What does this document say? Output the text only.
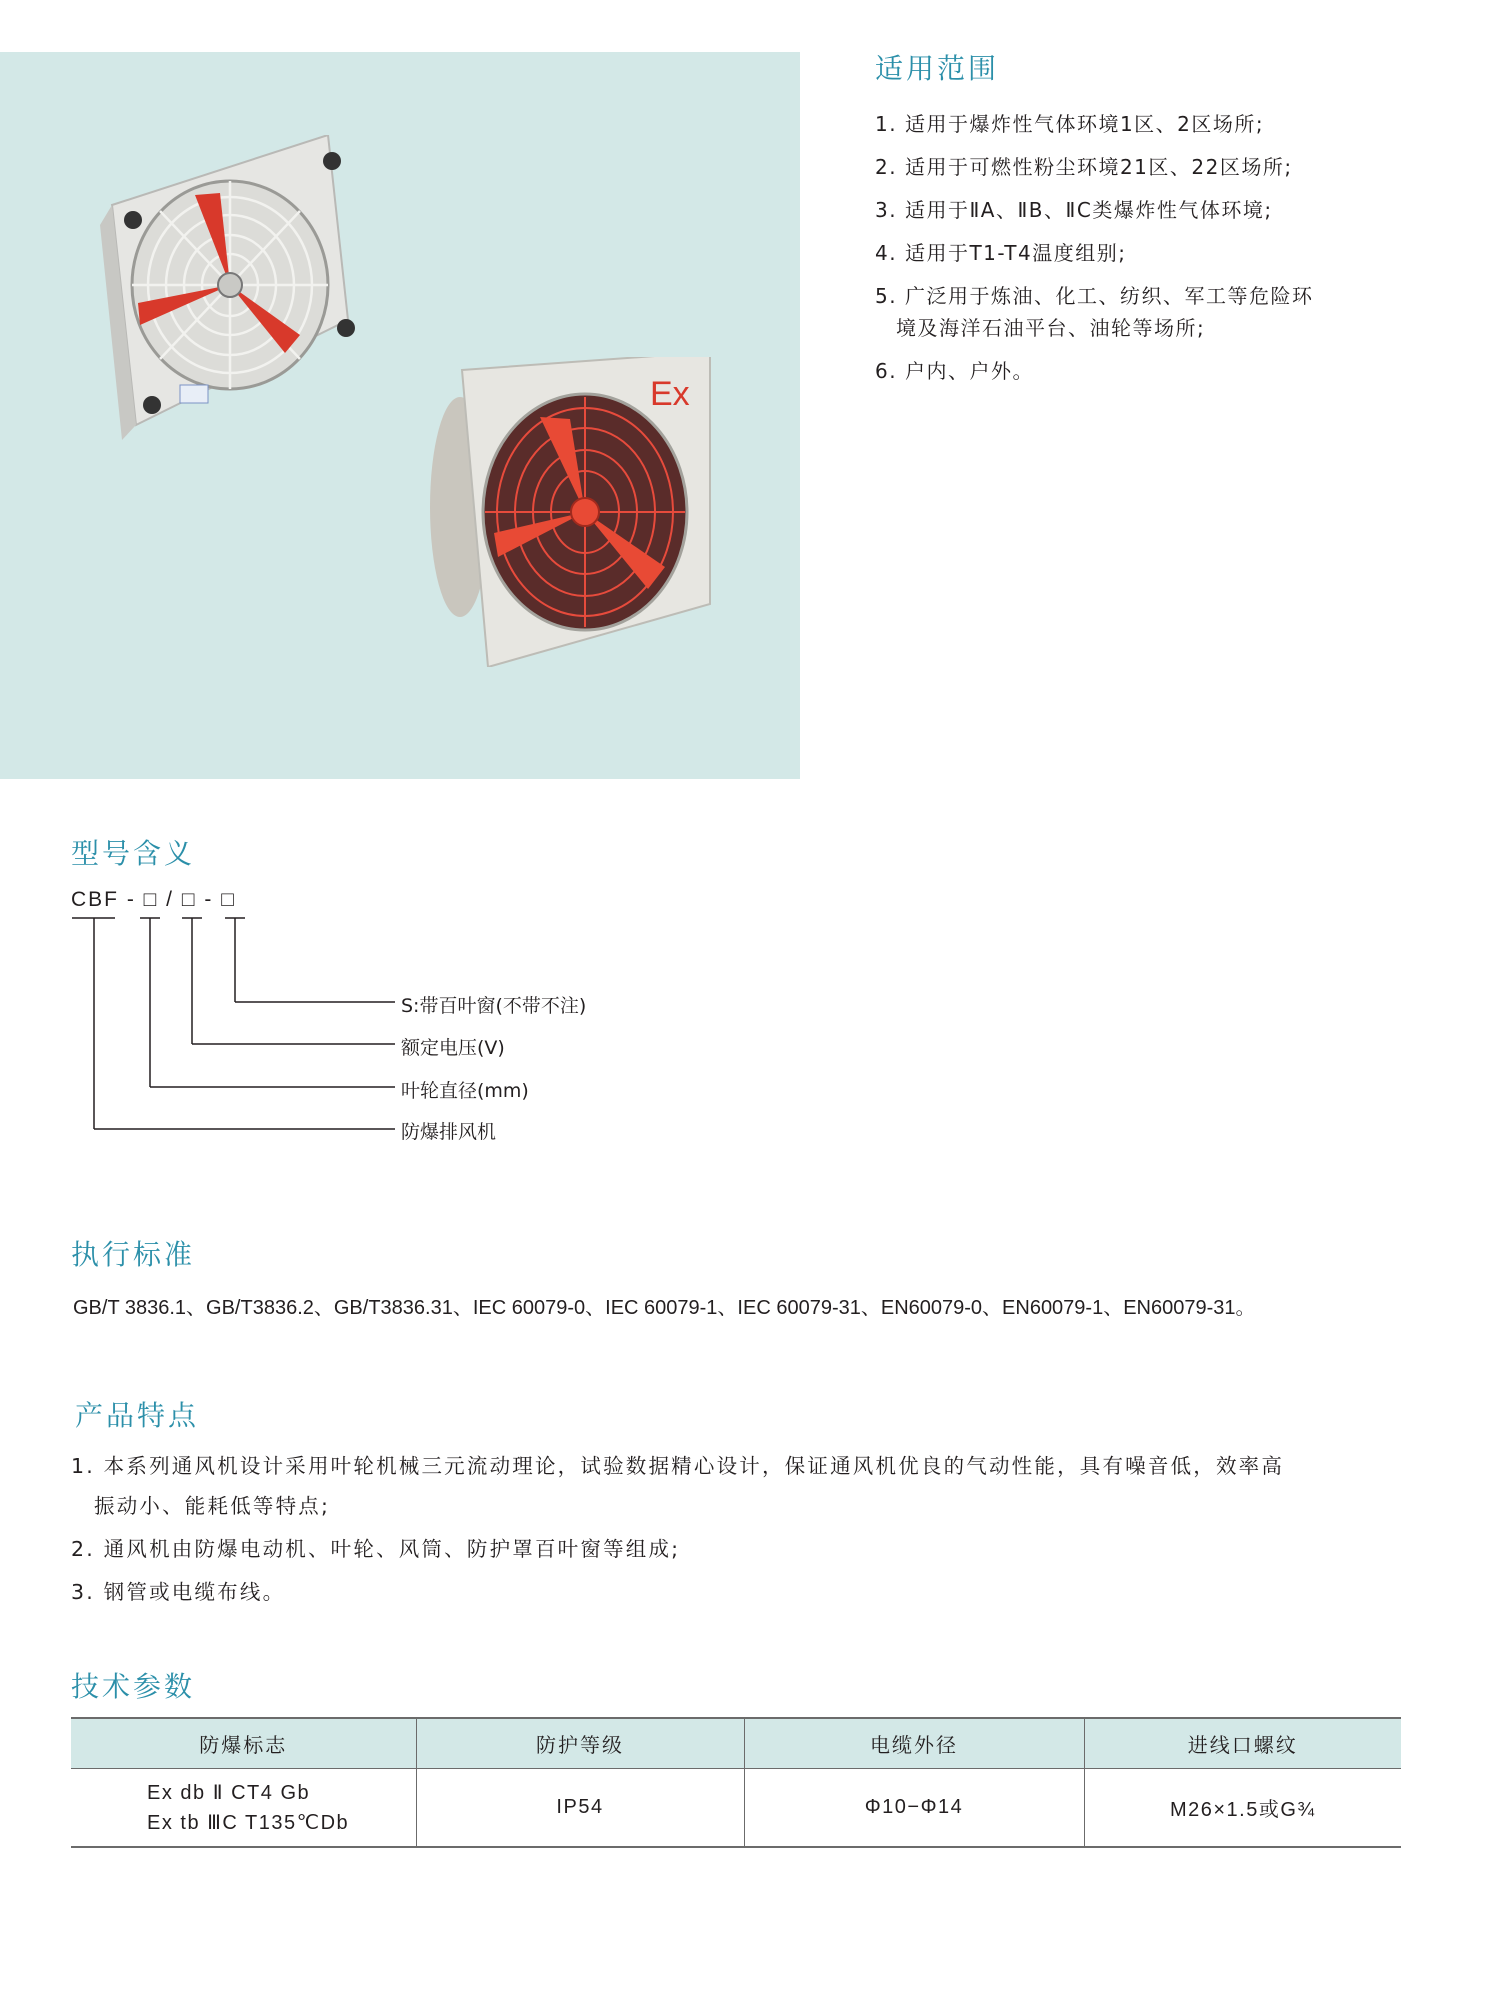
Ex
适用范围
1. 适用于爆炸性气体环境1区、2区场所;
2. 适用于可燃性粉尘环境21区、22区场所;
3. 适用于ⅡA、ⅡB、ⅡC类爆炸性气体环境;
4. 适用于T1-T4温度组别;
5. 广泛用于炼油、化工、纺织、军工等危险环
境及海洋石油平台、油轮等场所;
6. 户内、户外。
型号含义
CBF - □ / □ - □
S:带百叶窗(不带不注)
额定电压(V)
叶轮直径(mm)
防爆排风机
执行标准
GB/T 3836.1、GB/T3836.2、GB/T3836.31、IEC 60079-0、IEC 60079-1、IEC 60079-31、EN60079-0、EN60079-1、EN60079-31。
产品特点
1. 本系列通风机设计采用叶轮机械三元流动理论，试验数据精心设计，保证通风机优良的气动性能，具有噪音低，效率高
振动小、能耗低等特点;
2. 通风机由防爆电动机、叶轮、风筒、防护罩百叶窗等组成;
3. 钢管或电缆布线。
技术参数
防爆标志	防护等级	电缆外径	进线口螺纹

Ex db Ⅱ CT4 Gb
Ex tb ⅢC T135℃Db	IP54	Φ10−Φ14	M26×1.5或G¾
